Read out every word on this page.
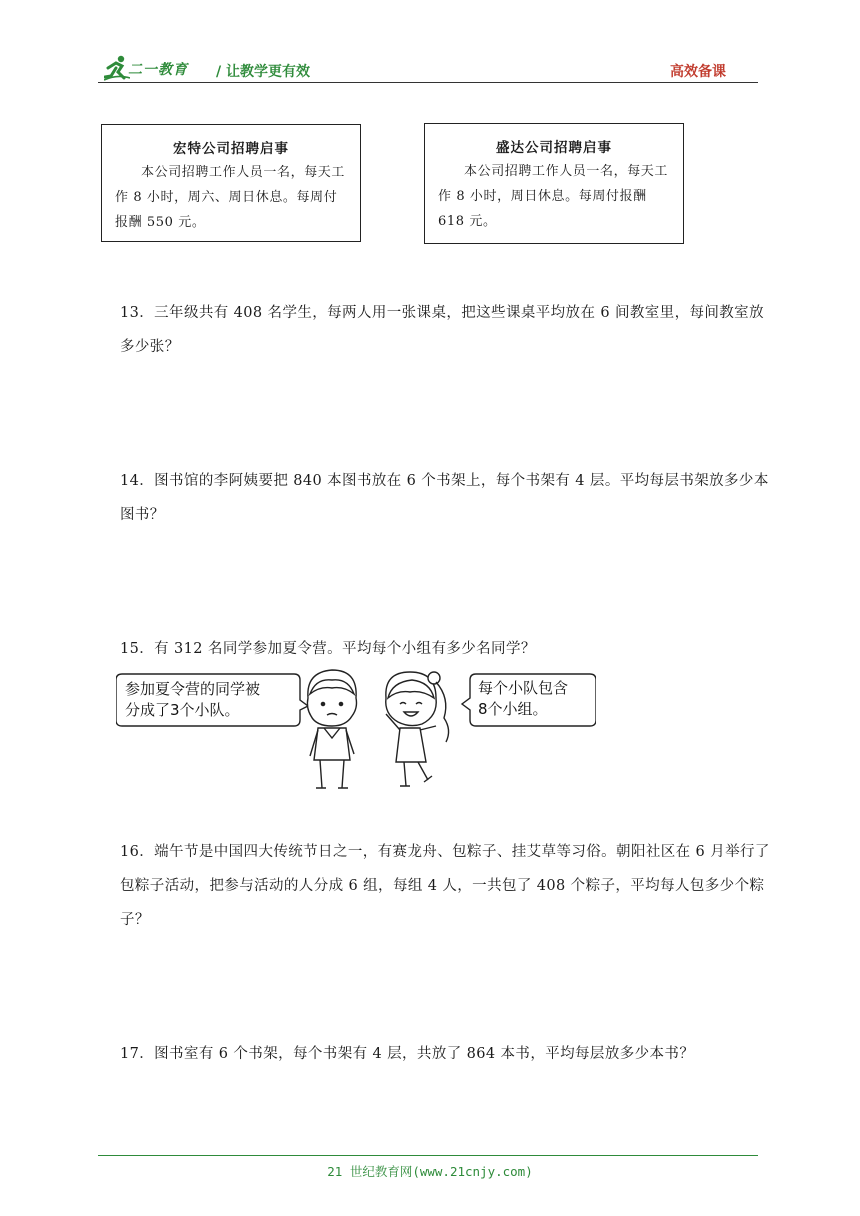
二一教育 / 让教学更有效	高效备课
宏特公司招聘启事
本公司招聘工作人员一名，每天工作 8 小时，周六、周日休息。每周付报酬 550 元。
盛达公司招聘启事
本公司招聘工作人员一名，每天工作 8 小时，周日休息。每周付报酬 618 元。
13．三年级共有 408 名学生，每两人用一张课桌，把这些课桌平均放在 6 间教室里，每间教室放多少张？
14．图书馆的李阿姨要把 840 本图书放在 6 个书架上，每个书架有 4 层。平均每层书架放多少本图书？
15．有 312 名同学参加夏令营。平均每个小组有多少名同学？
参加夏令营的同学被
分成了3个小队。
每个小队包含
8个小组。
16．端午节是中国四大传统节日之一，有赛龙舟、包粽子、挂艾草等习俗。朝阳社区在 6 月举行了包粽子活动，把参与活动的人分成 6 组，每组 4 人，一共包了 408 个粽子，平均每人包多少个粽子？
17．图书室有 6 个书架，每个书架有 4 层，共放了 864 本书，平均每层放多少本书？
21 世纪教育网(www.21cnjy.com)
